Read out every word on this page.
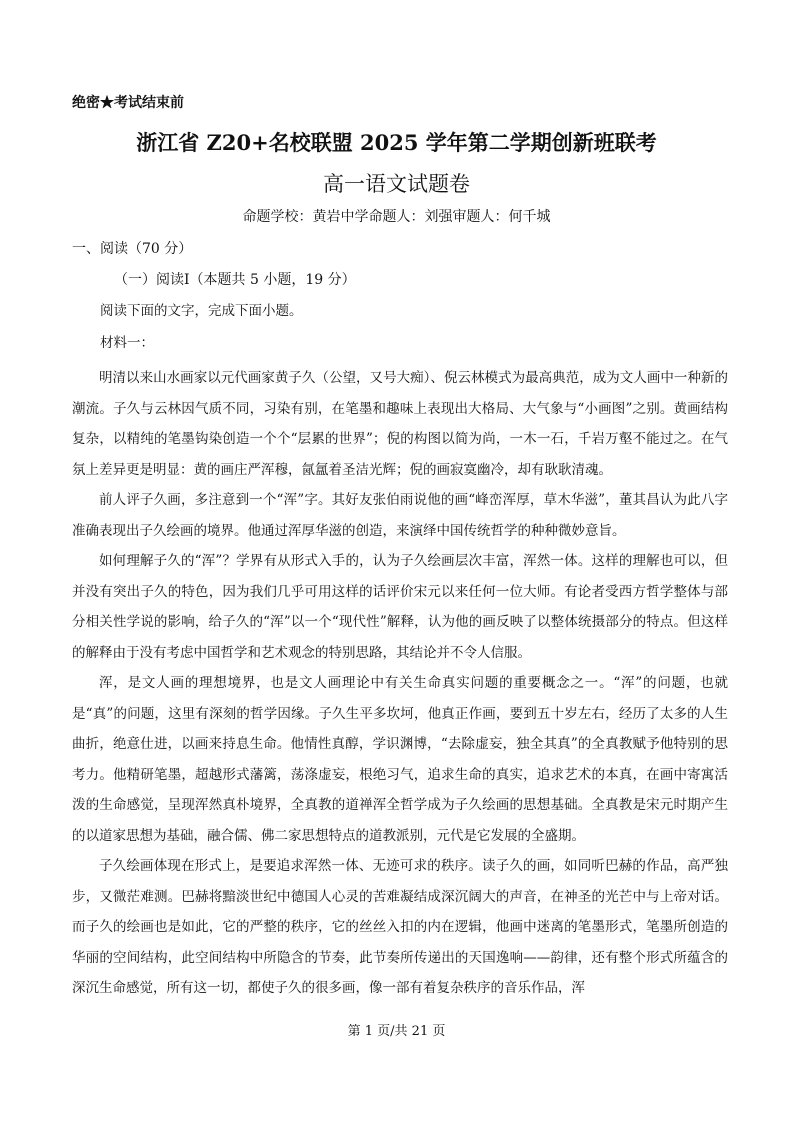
绝密★考试结束前
浙江省 Z20+名校联盟 2025 学年第二学期创新班联考
高一语文试题卷
命题学校：黄岩中学命题人：刘强审题人：何千城
一、阅读（70 分）
（一）阅读Ⅰ（本题共 5 小题，19 分）
阅读下面的文字，完成下面小题。
材料一：

明清以来山水画家以元代画家黄子久（公望，又号大痴）、倪云林模式为最高典范，成为文人画中一种新的潮流。子久与云林因气质不同，习染有别，在笔墨和趣味上表现出大格局、大气象与“小画图”之别。黄画结构复杂，以精纯的笔墨钩染创造一个个“层累的世界”；倪的构图以简为尚，一木一石，千岩万壑不能过之。在气氛上差异更是明显：黄的画庄严浑穆，氤氲着圣洁光辉；倪的画寂寞幽冷，却有耿耿清魂。

前人评子久画，多注意到一个“浑”字。其好友张伯雨说他的画“峰峦浑厚，草木华滋”，董其昌认为此八字准确表现出子久绘画的境界。他通过浑厚华滋的创造，来演绎中国传统哲学的种种微妙意旨。

如何理解子久的“浑”？学界有从形式入手的，认为子久绘画层次丰富，浑然一体。这样的理解也可以，但并没有突出子久的特色，因为我们几乎可用这样的话评价宋元以来任何一位大师。有论者受西方哲学整体与部分相关性学说的影响，给子久的“浑”以一个“现代性”解释，认为他的画反映了以整体统摄部分的特点。但这样的解释由于没有考虑中国哲学和艺术观念的特别思路，其结论并不令人信服。

浑，是文人画的理想境界，也是文人画理论中有关生命真实问题的重要概念之一。“浑”的问题，也就是“真”的问题，这里有深刻的哲学因缘。子久生平多坎坷，他真正作画，要到五十岁左右，经历了太多的人生曲折，绝意仕进，以画来持息生命。他情性真醇，学识渊博，“去除虚妄，独全其真”的全真教赋予他特别的思考力。他精研笔墨，超越形式藩篱，荡涤虚妄，根绝习气，追求生命的真实，追求艺术的本真，在画中寄寓活泼的生命感觉，呈现浑然真朴境界，全真教的道禅浑全哲学成为子久绘画的思想基础。全真教是宋元时期产生的以道家思想为基础，融合儒、佛二家思想特点的道教派别，元代是它发展的全盛期。

子久绘画体现在形式上，是要追求浑然一体、无迹可求的秩序。读子久的画，如同听巴赫的作品，高严独步，又微茫难测。巴赫将黯淡世纪中德国人心灵的苦难凝结成深沉阔大的声音，在神圣的光芒中与上帝对话。而子久的绘画也是如此，它的严整的秩序，它的丝丝入扣的内在逻辑，他画中迷离的笔墨形式，笔墨所创造的华丽的空间结构，此空间结构中所隐含的节奏，此节奏所传递出的天国逸响——韵律，还有整个形式所蕴含的深沉生命感觉，所有这一切，都使子久的很多画，像一部有着复杂秩序的音乐作品，浑

第 1 页/共 21 页
